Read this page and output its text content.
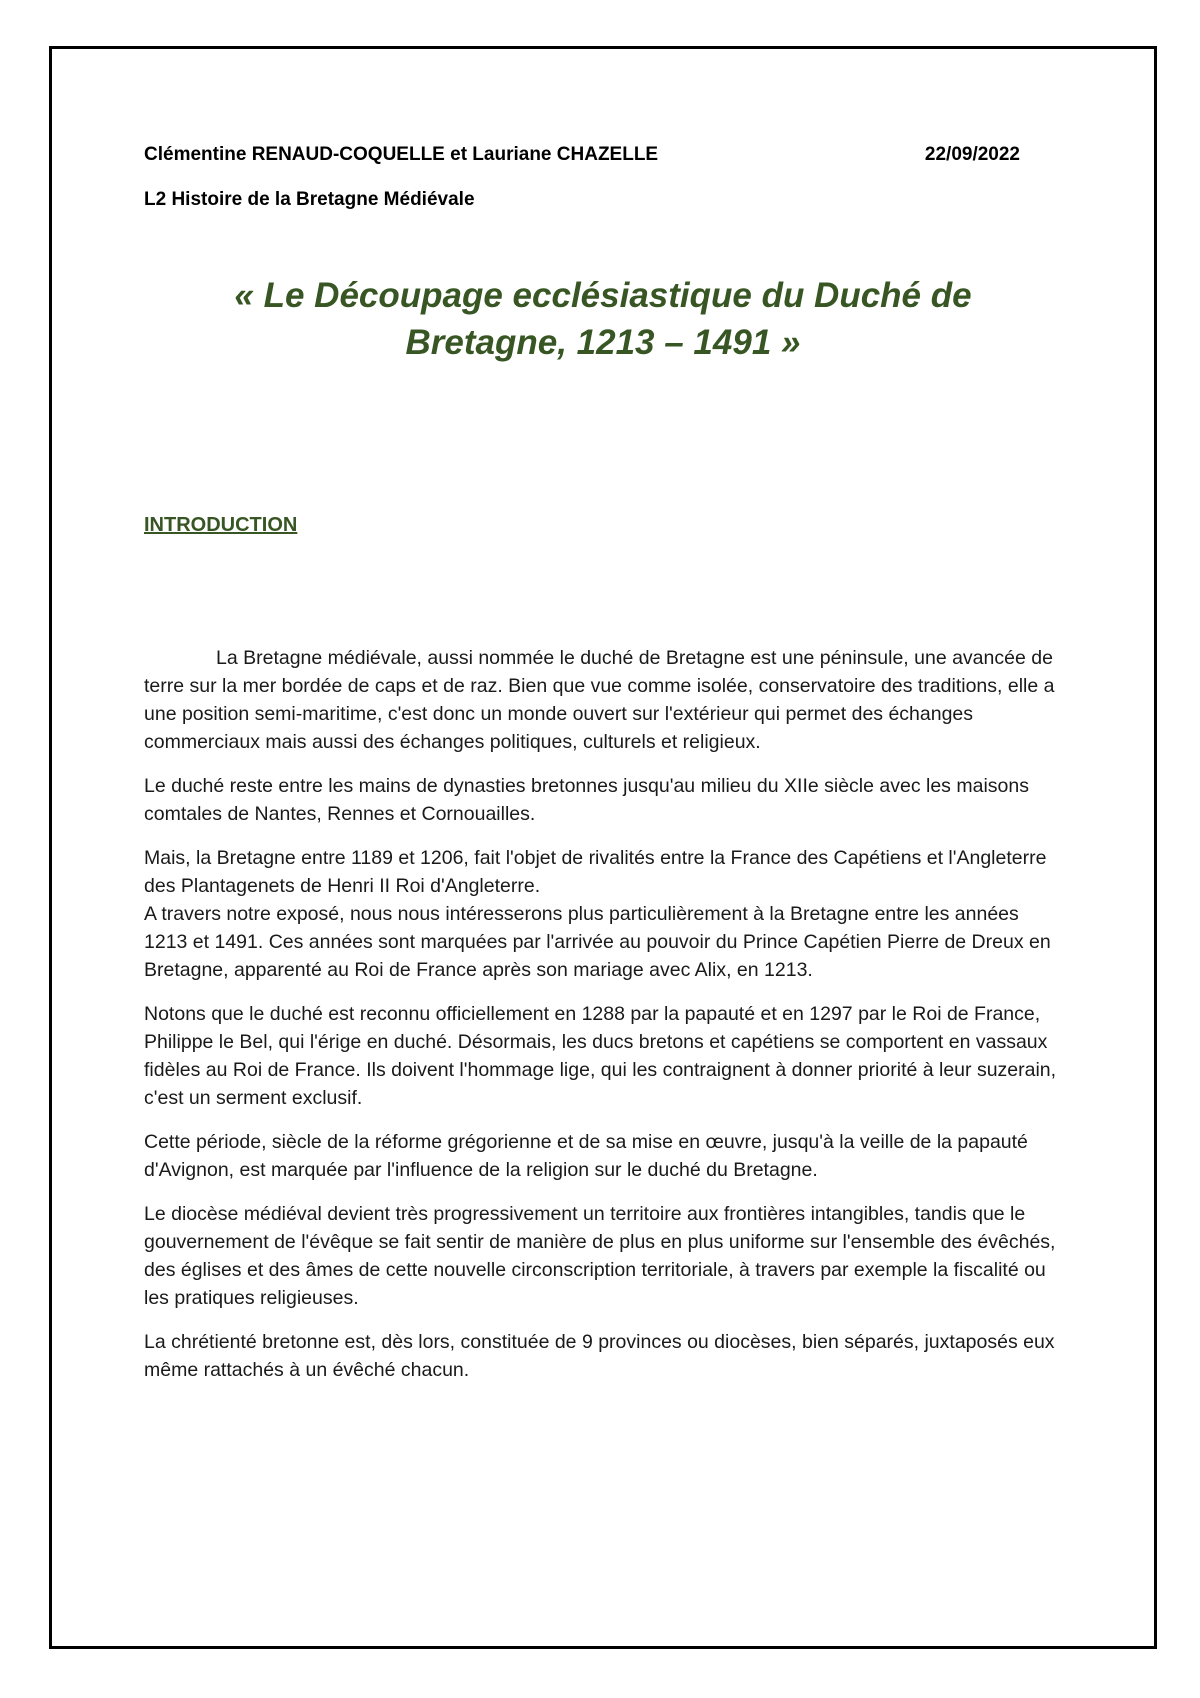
Clémentine RENAUD-COQUELLE et Lauriane CHAZELLE	22/09/2022
L2 Histoire de la Bretagne Médiévale
« Le Découpage ecclésiastique du Duché de
Bretagne, 1213 – 1491 »
INTRODUCTION

La Bretagne médiévale, aussi nommée le duché de Bretagne est une péninsule, une avancée de terre sur la mer bordée de caps et de raz. Bien que vue comme isolée, conservatoire des traditions, elle a une position semi-maritime, c'est donc un monde ouvert sur l'extérieur qui permet des échanges commerciaux mais aussi des échanges politiques, culturels et religieux.

Le duché reste entre les mains de dynasties bretonnes jusqu'au milieu du XIIe siècle avec les maisons comtales de Nantes, Rennes et Cornouailles.

Mais, la Bretagne entre 1189 et 1206, fait l'objet de rivalités entre la France des Capétiens et l'Angleterre des Plantagenets de Henri II Roi d'Angleterre.

A travers notre exposé, nous nous intéresserons plus particulièrement à la Bretagne entre les années 1213 et 1491. Ces années sont marquées par l'arrivée au pouvoir du Prince Capétien Pierre de Dreux en Bretagne, apparenté au Roi de France après son mariage avec Alix, en 1213.

Notons que le duché est reconnu officiellement en 1288 par la papauté et en 1297 par le Roi de France, Philippe le Bel, qui l'érige en duché. Désormais, les ducs bretons et capétiens se comportent en vassaux fidèles au Roi de France. Ils doivent l'hommage lige, qui les contraignent à donner priorité à leur suzerain, c'est un serment exclusif.

Cette période, siècle de la réforme grégorienne et de sa mise en œuvre, jusqu'à la veille de la papauté d'Avignon, est marquée par l'influence de la religion sur le duché du Bretagne.

Le diocèse médiéval devient très progressivement un territoire aux frontières intangibles, tandis que le gouvernement de l'évêque se fait sentir de manière de plus en plus uniforme sur l'ensemble des évêchés, des églises et des âmes de cette nouvelle circonscription territoriale, à travers par exemple la fiscalité ou les pratiques religieuses.

La chrétienté bretonne est, dès lors, constituée de 9 provinces ou diocèses, bien séparés, juxtaposés eux même rattachés à un évêché chacun.
